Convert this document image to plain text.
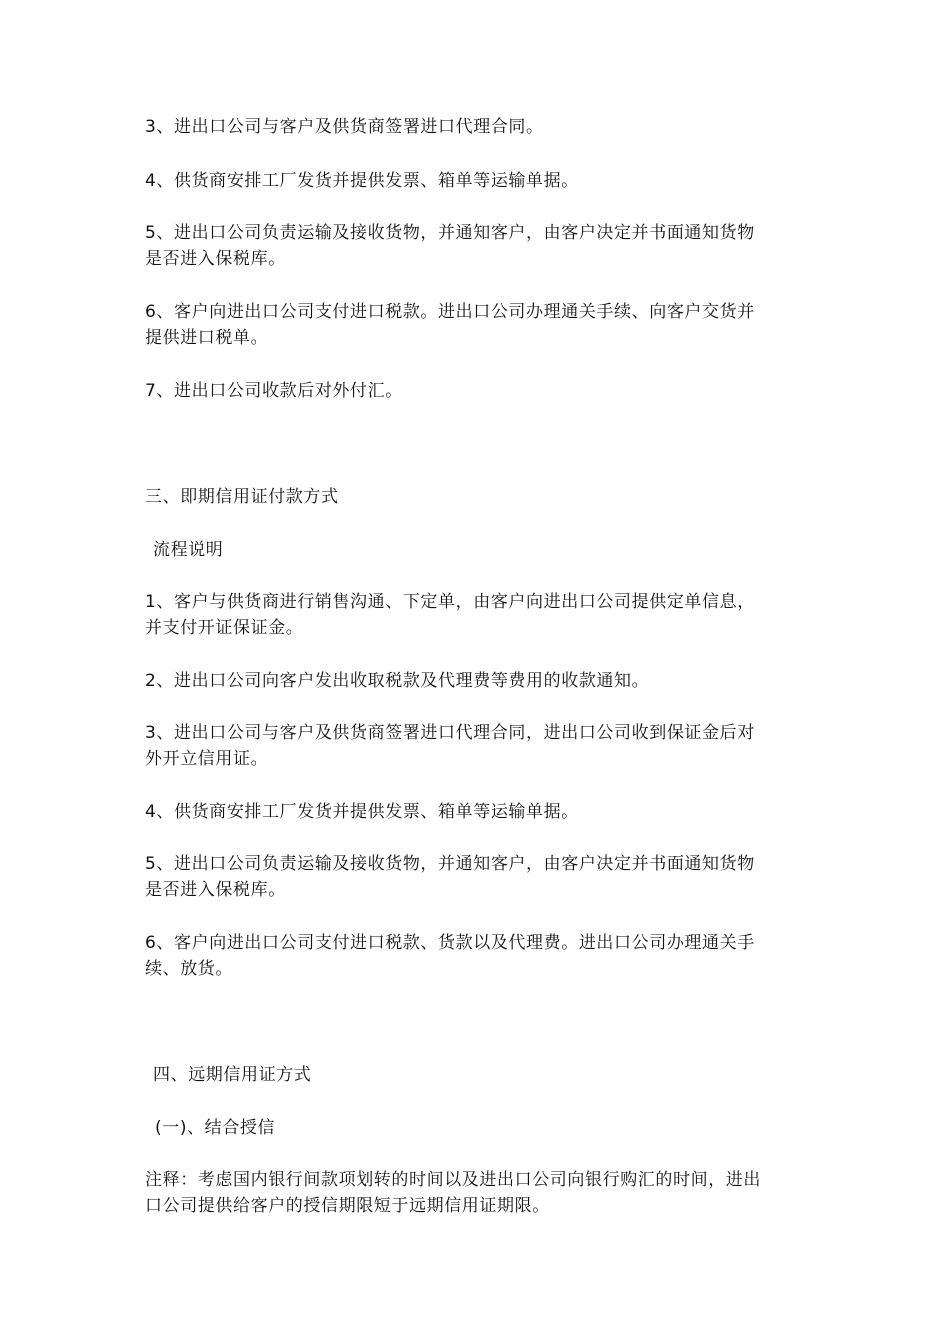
3、进出口公司与客户及供货商签署进口代理合同。
4、供货商安排工厂发货并提供发票、箱单等运输单据。
5、进出口公司负责运输及接收货物，并通知客户，由客户决定并书面通知货物
是否进入保税库。
6、客户向进出口公司支付进口税款。进出口公司办理通关手续、向客户交货并
提供进口税单。
7、进出口公司收款后对外付汇。
三、即期信用证付款方式
流程说明
1、客户与供货商进行销售沟通、下定单，由客户向进出口公司提供定单信息，
并支付开证保证金。
2、进出口公司向客户发出收取税款及代理费等费用的收款通知。
3、进出口公司与客户及供货商签署进口代理合同，进出口公司收到保证金后对
外开立信用证。
4、供货商安排工厂发货并提供发票、箱单等运输单据。
5、进出口公司负责运输及接收货物，并通知客户，由客户决定并书面通知货物
是否进入保税库。
6、客户向进出口公司支付进口税款、货款以及代理费。进出口公司办理通关手
续、放货。
四、远期信用证方式
(一)、结合授信
注释：考虑国内银行间款项划转的时间以及进出口公司向银行购汇的时间，进出
口公司提供给客户的授信期限短于远期信用证期限。
